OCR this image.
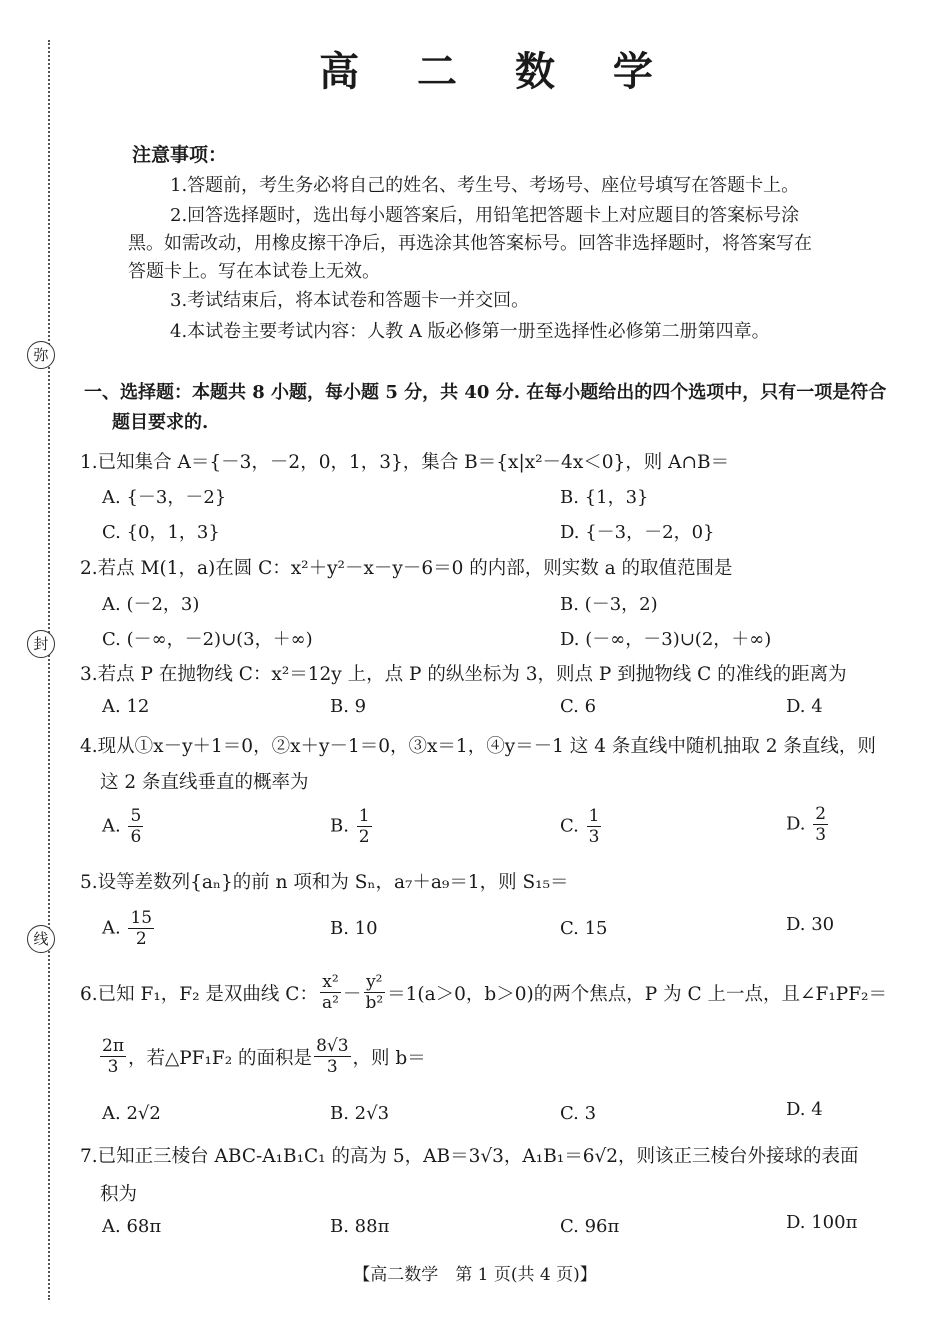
弥
封
线
高 二 数 学
注意事项：
1.答题前，考生务必将自己的姓名、考生号、考场号、座位号填写在答题卡上。
2.回答选择题时，选出每小题答案后，用铅笔把答题卡上对应题目的答案标号涂
黑。如需改动，用橡皮擦干净后，再选涂其他答案标号。回答非选择题时，将答案写在
答题卡上。写在本试卷上无效。
3.考试结束后，将本试卷和答题卡一并交回。
4.本试卷主要考试内容：人教 A 版必修第一册至选择性必修第二册第四章。
一、选择题：本题共 8 小题，每小题 5 分，共 40 分. 在每小题给出的四个选项中，只有一项是符合
题目要求的.
1.已知集合 A＝{－3，－2，0，1，3}，集合 B＝{x|x²－4x＜0}，则 A∩B＝
A. {－3，－2}	B. {1，3}
C. {0，1，3}	D. {－3，－2，0}
2.若点 M(1，a)在圆 C：x²＋y²－x－y－6＝0 的内部，则实数 a 的取值范围是
A. (－2，3)	B. (－3，2)
C. (－∞，－2)∪(3，＋∞)	D. (－∞，－3)∪(2，＋∞)
3.若点 P 在抛物线 C：x²＝12y 上，点 P 的纵坐标为 3，则点 P 到抛物线 C 的准线的距离为
A. 12	B. 9	C. 6	D. 4
4.现从①x－y＋1＝0，②x＋y－1＝0，③x＝1，④y＝－1 这 4 条直线中随机抽取 2 条直线，则
这 2 条直线垂直的概率为
A. $\frac{5}{6}$	B. $\frac{1}{2}$	C. $\frac{1}{3}$	D. $\frac{2}{3}$
5.设等差数列{aₙ}的前 n 项和为 Sₙ，a₇＋a₉＝1，则 S₁₅＝
A. $\frac{15}{2}$	B. 10	C. 15	D. 30
6.已知 F₁，F₂ 是双曲线 C： $\frac{\text{x²}}{\text{a²}} - \frac{\text{y²}}{\text{b²}} =1(a>0$，b＞0)的两个焦点，P 为 C 上一点，且∠F₁PF₂＝
$\frac{2\pi}{3}$ ，若△PF₁F₂ 的面积是 $\frac{8√3}{3}$ ，则 b＝
A. 2√2	B. 2√3	C. 3	D. 4
7.已知正三棱台 ABC-A₁B₁C₁ 的高为 5，AB＝3√3，A₁B₁＝6√2，则该正三棱台外接球的表面
积为
A. 68π	B. 88π	C. 96π	D. 100π
【高二数学　第 1 页(共 4 页)】
